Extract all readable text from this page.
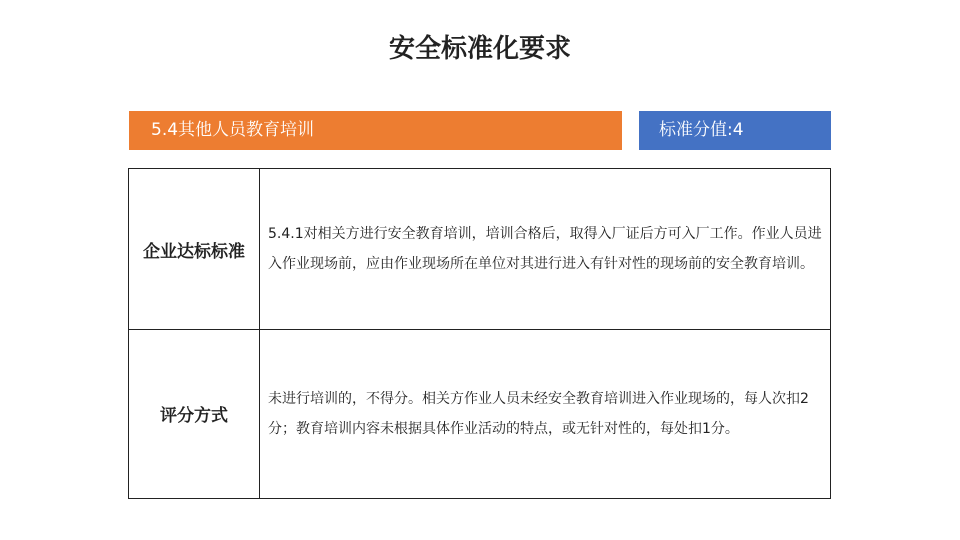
安全标准化要求
5.4其他人员教育培训	标准分值:4
企业达标标准
5.4.1对相关方进行安全教育培训，培训合格后，取得入厂证后方可入厂工作。作业人员进入作业现场前，应由作业现场所在单位对其进行进入有针对性的现场前的安全教育培训。
评分方式
未进行培训的，不得分。相关方作业人员未经安全教育培训进入作业现场的，每人次扣2分；教育培训内容未根据具体作业活动的特点，或无针对性的，每处扣1分。
